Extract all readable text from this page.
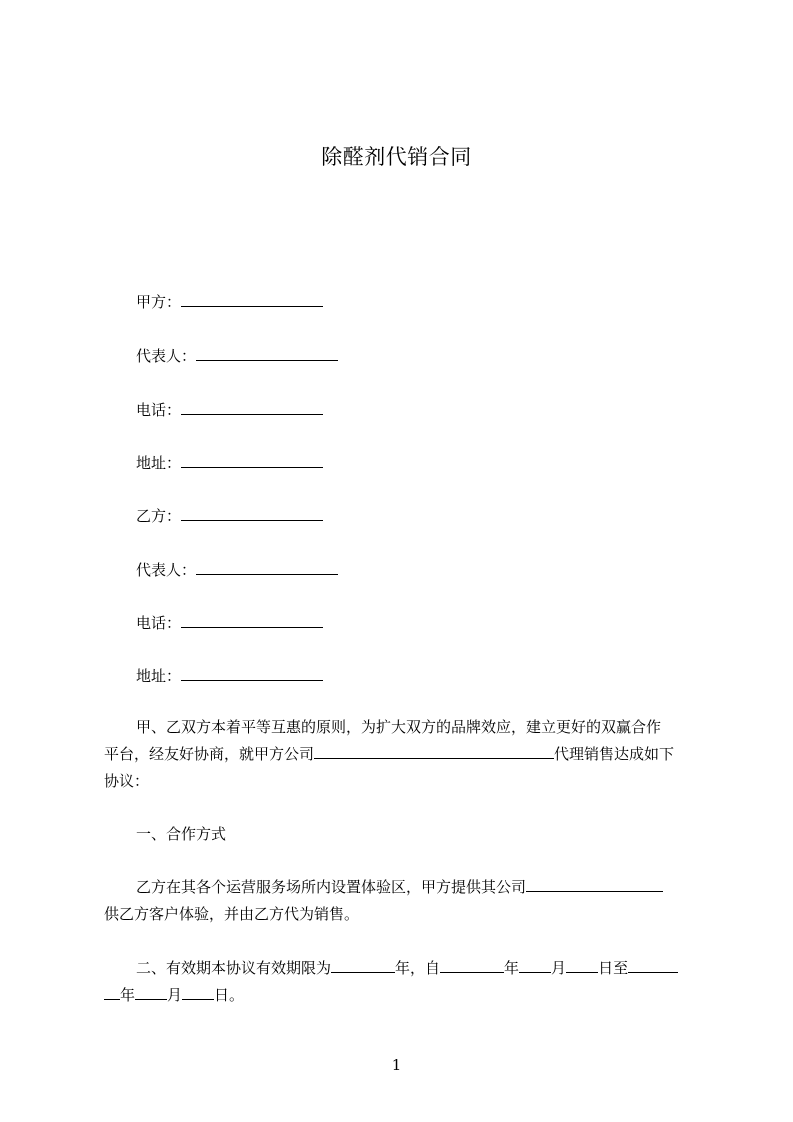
除醛剂代销合同
甲方：
代表人：
电话：
地址：
乙方：
代表人：
电话：
地址：
甲、乙双方本着平等互惠的原则，为扩大双方的品牌效应，建立更好的双赢合作
平台，经友好协商，就甲方公司	代理销售达成如下
协议：
一、合作方式
乙方在其各个运营服务场所内设置体验区，甲方提供其公司
供乙方客户体验，并由乙方代为销售。
二、有效期本协议有效期限为	年，自	年 月 日至
年 月 日。
1
